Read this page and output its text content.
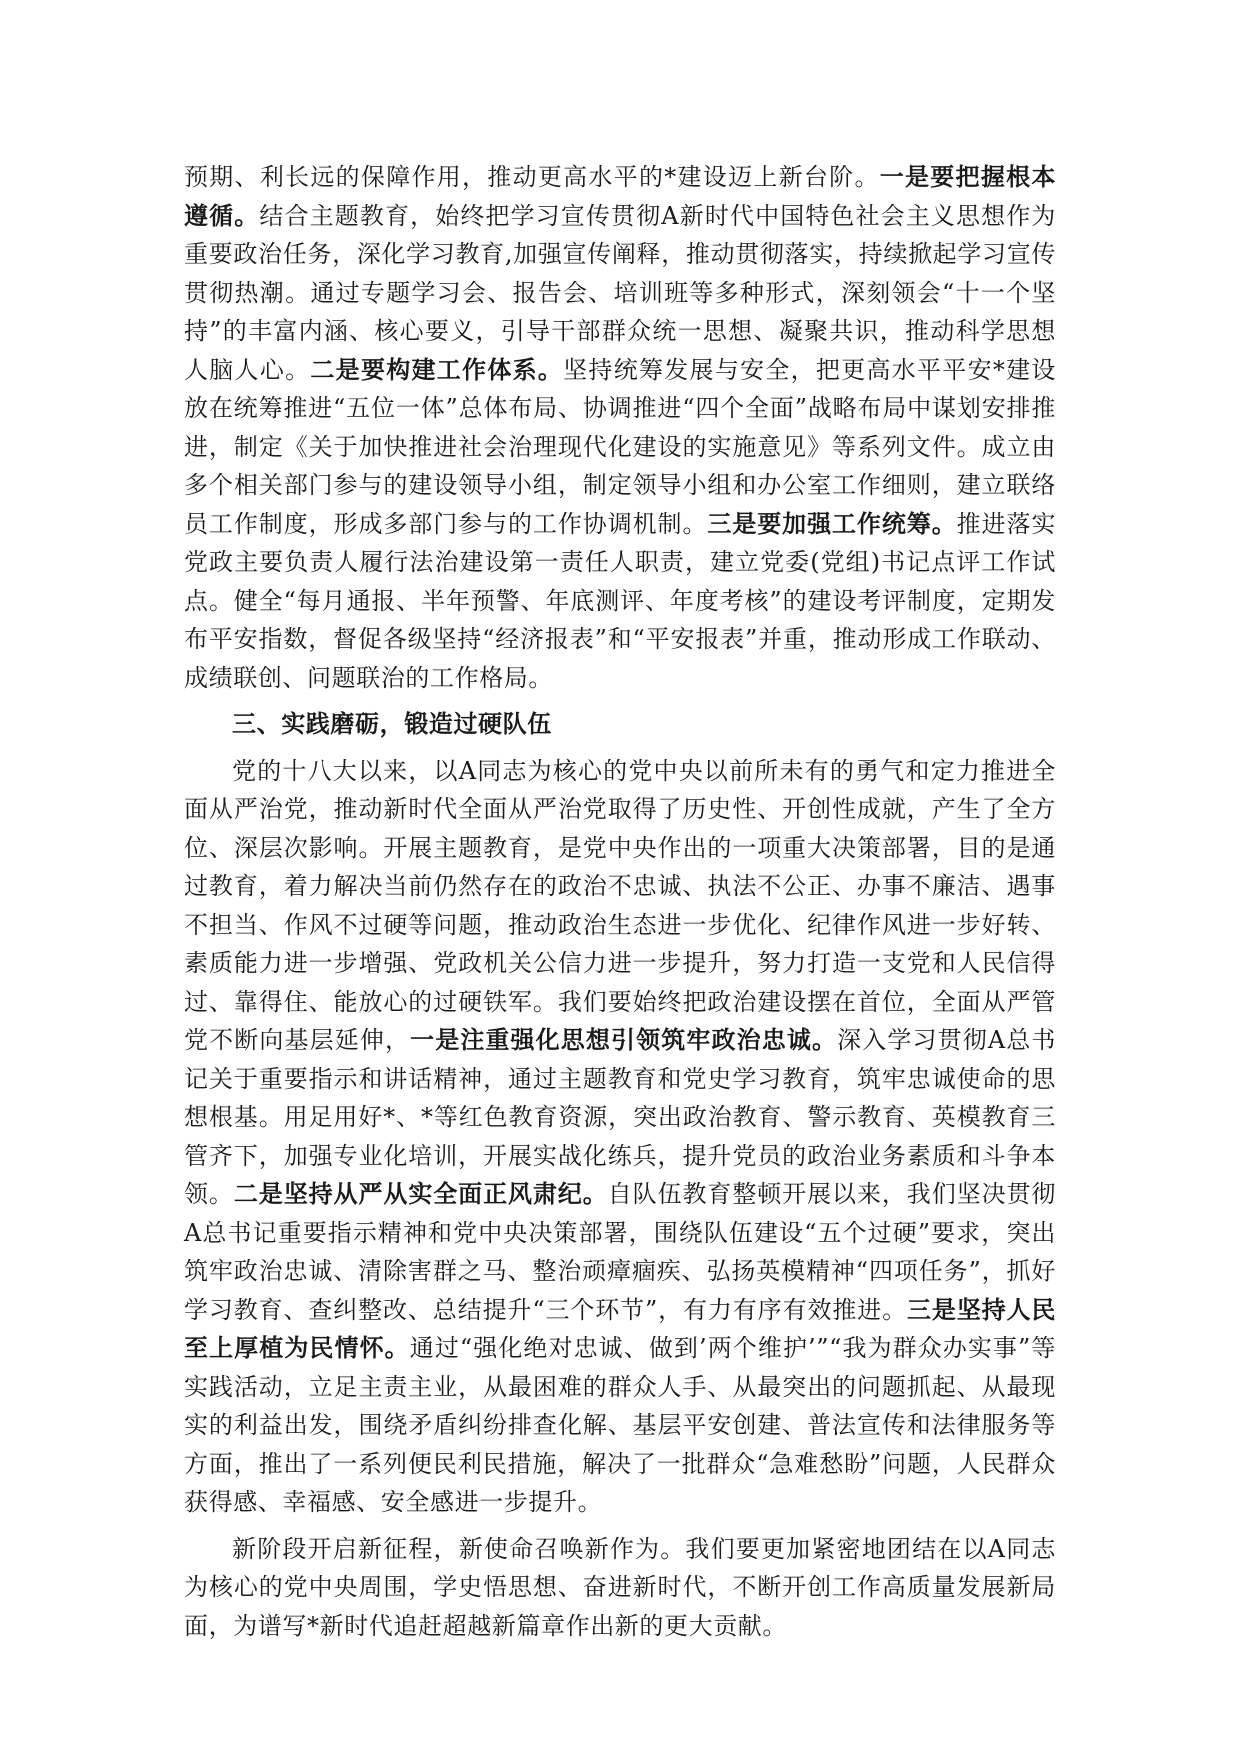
预期、利长远的保障作用，推动更高水平的*建设迈上新台阶。一是要把握根本遵循。结合主题教育，始终把学习宣传贯彻A新时代中国特色社会主义思想作为重要政治任务，深化学习教育,加强宣传阐释，推动贯彻落实，持续掀起学习宣传贯彻热潮。通过专题学习会、报告会、培训班等多种形式，深刻领会“十一个坚持”的丰富内涵、核心要义，引导干部群众统一思想、凝聚共识，推动科学思想人脑人心。二是要构建工作体系。坚持统筹发展与安全，把更高水平平安*建设放在统筹推进“五位一体”总体布局、协调推进“四个全面”战略布局中谋划安排推进，制定《关于加快推进社会治理现代化建设的实施意见》等系列文件。成立由多个相关部门参与的建设领导小组，制定领导小组和办公室工作细则，建立联络员工作制度，形成多部门参与的工作协调机制。三是要加强工作统筹。推进落实党政主要负责人履行法治建设第一责任人职责，建立党委(党组)书记点评工作试点。健全“每月通报、半年预警、年底测评、年度考核”的建设考评制度，定期发布平安指数，督促各级坚持“经济报表”和“平安报表”并重，推动形成工作联动、成绩联创、问题联治的工作格局。

三、实践磨砺，锻造过硬队伍

党的十八大以来，以A同志为核心的党中央以前所未有的勇气和定力推进全面从严治党，推动新时代全面从严治党取得了历史性、开创性成就，产生了全方位、深层次影响。开展主题教育，是党中央作出的一项重大决策部署，目的是通过教育，着力解决当前仍然存在的政治不忠诚、执法不公正、办事不廉洁、遇事不担当、作风不过硬等问题，推动政治生态进一步优化、纪律作风进一步好转、素质能力进一步增强、党政机关公信力进一步提升，努力打造一支党和人民信得过、靠得住、能放心的过硬铁军。我们要始终把政治建设摆在首位，全面从严管党不断向基层延伸，一是注重强化思想引领筑牢政治忠诚。深入学习贯彻A总书记关于重要指示和讲话精神，通过主题教育和党史学习教育，筑牢忠诚使命的思想根基。用足用好*、*等红色教育资源，突出政治教育、警示教育、英模教育三管齐下，加强专业化培训，开展实战化练兵，提升党员的政治业务素质和斗争本领。二是坚持从严从实全面正风肃纪。自队伍教育整顿开展以来，我们坚决贯彻A总书记重要指示精神和党中央决策部署，围绕队伍建设“五个过硬”要求，突出筑牢政治忠诚、清除害群之马、整治顽瘴痼疾、弘扬英模精神“四项任务”，抓好学习教育、查纠整改、总结提升“三个环节”，有力有序有效推进。三是坚持人民至上厚植为民情怀。通过“强化绝对忠诚、做到’两个维护’”“我为群众办实事”等实践活动，立足主责主业，从最困难的群众人手、从最突出的问题抓起、从最现实的利益出发，围绕矛盾纠纷排查化解、基层平安创建、普法宣传和法律服务等方面，推出了一系列便民利民措施，解决了一批群众“急难愁盼”问题，人民群众获得感、幸福感、安全感进一步提升。

新阶段开启新征程，新使命召唤新作为。我们要更加紧密地团结在以A同志为核心的党中央周围，学史悟思想、奋进新时代，不断开创工作高质量发展新局面，为谱写*新时代追赶超越新篇章作出新的更大贡献。
